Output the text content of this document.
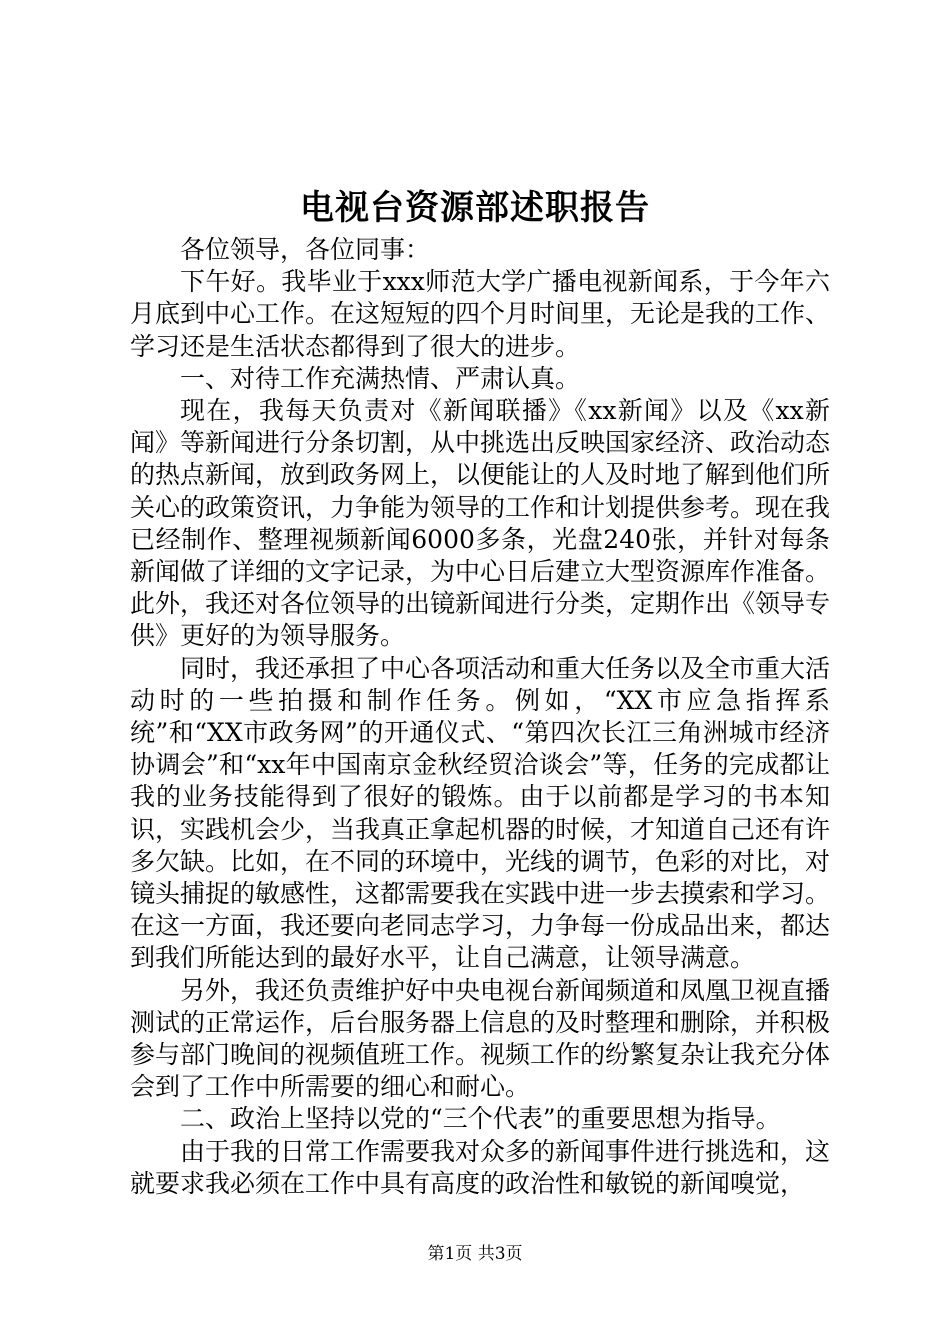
电视台资源部述职报告

各位领导，各位同事：

下午好。我毕业于xxx师范大学广播电视新闻系，于今年六月底到中心工作。在这短短的四个月时间里，无论是我的工作、学习还是生活状态都得到了很大的进步。

一、对待工作充满热情、严肃认真。

现在，我每天负责对《新闻联播》《xx新闻》以及《xx新闻》等新闻进行分条切割，从中挑选出反映国家经济、政治动态的热点新闻，放到政务网上，以便能让的人及时地了解到他们所关心的政策资讯，力争能为领导的工作和计划提供参考。现在我已经制作、整理视频新闻6000多条，光盘240张，并针对每条新闻做了详细的文字记录，为中心日后建立大型资源库作准备。此外，我还对各位领导的出镜新闻进行分类，定期作出《领导专供》更好的为领导服务。

同时，我还承担了中心各项活动和重大任务以及全市重大活动时的一些拍摄和制作任务。例如，“XX市应急指挥系统”和“XX市政务网”的开通仪式、“第四次长江三角洲城市经济协调会”和“xx年中国南京金秋经贸洽谈会”等，任务的完成都让我的业务技能得到了很好的锻炼。由于以前都是学习的书本知识，实践机会少，当我真正拿起机器的时候，才知道自己还有许多欠缺。比如，在不同的环境中，光线的调节，色彩的对比，对镜头捕捉的敏感性，这都需要我在实践中进一步去摸索和学习。在这一方面，我还要向老同志学习，力争每一份成品出来，都达到我们所能达到的最好水平，让自己满意，让领导满意。

另外，我还负责维护好中央电视台新闻频道和凤凰卫视直播测试的正常运作，后台服务器上信息的及时整理和删除，并积极参与部门晚间的视频值班工作。视频工作的纷繁复杂让我充分体会到了工作中所需要的细心和耐心。

二、政治上坚持以党的“三个代表”的重要思想为指导。

由于我的日常工作需要我对众多的新闻事件进行挑选和，这就要求我必须在工作中具有高度的政治性和敏锐的新闻嗅觉，

第1页 共3页
